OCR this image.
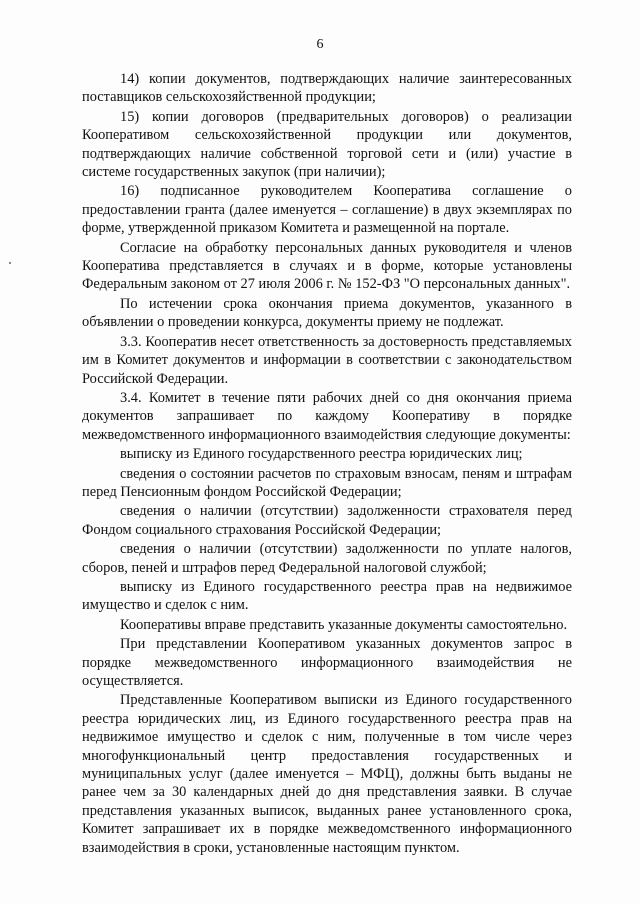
6

14) копии документов, подтверждающих наличие заинтересованных поставщиков сельскохозяйственной продукции;

15) копии договоров (предварительных договоров) о реализации Кооперативом сельскохозяйственной продукции или документов, подтверждающих наличие собственной торговой сети и (или) участие в системе государственных закупок (при наличии);

16) подписанное руководителем Кооператива соглашение о предоставлении гранта (далее именуется – соглашение) в двух экземплярах по форме, утвержденной приказом Комитета и размещенной на портале.

Согласие на обработку персональных данных руководителя и членов Кооператива представляется в случаях и в форме, которые установлены Федеральным законом от 27 июля 2006 г. № 152-ФЗ "О персональных данных".

По истечении срока окончания приема документов, указанного в объявлении о проведении конкурса, документы приему не подлежат.

3.3. Кооператив несет ответственность за достоверность представляемых им в Комитет документов и информации в соответствии с законодательством Российской Федерации.

3.4. Комитет в течение пяти рабочих дней со дня окончания приема документов запрашивает по каждому Кооперативу в порядке межведомственного информационного взаимодействия следующие документы:

выписку из Единого государственного реестра юридических лиц;

сведения о состоянии расчетов по страховым взносам, пеням и штрафам перед Пенсионным фондом Российской Федерации;

сведения о наличии (отсутствии) задолженности страхователя перед Фондом социального страхования Российской Федерации;

сведения о наличии (отсутствии) задолженности по уплате налогов, сборов, пеней и штрафов перед Федеральной налоговой службой;

выписку из Единого государственного реестра прав на недвижимое имущество и сделок с ним.

Кооперативы вправе представить указанные документы самостоятельно.

При представлении Кооперативом указанных документов запрос в порядке межведомственного информационного взаимодействия не осуществляется.

Представленные Кооперативом выписки из Единого государственного реестра юридических лиц, из Единого государственного реестра прав на недвижимое имущество и сделок с ним, полученные в том числе через многофункциональный центр предоставления государственных и муниципальных услуг (далее именуется – МФЦ), должны быть выданы не ранее чем за 30 календарных дней до дня представления заявки. В случае представления указанных выписок, выданных ранее установленного срока, Комитет запрашивает их в порядке межведомственного информационного взаимодействия в сроки, установленные настоящим пунктом.
